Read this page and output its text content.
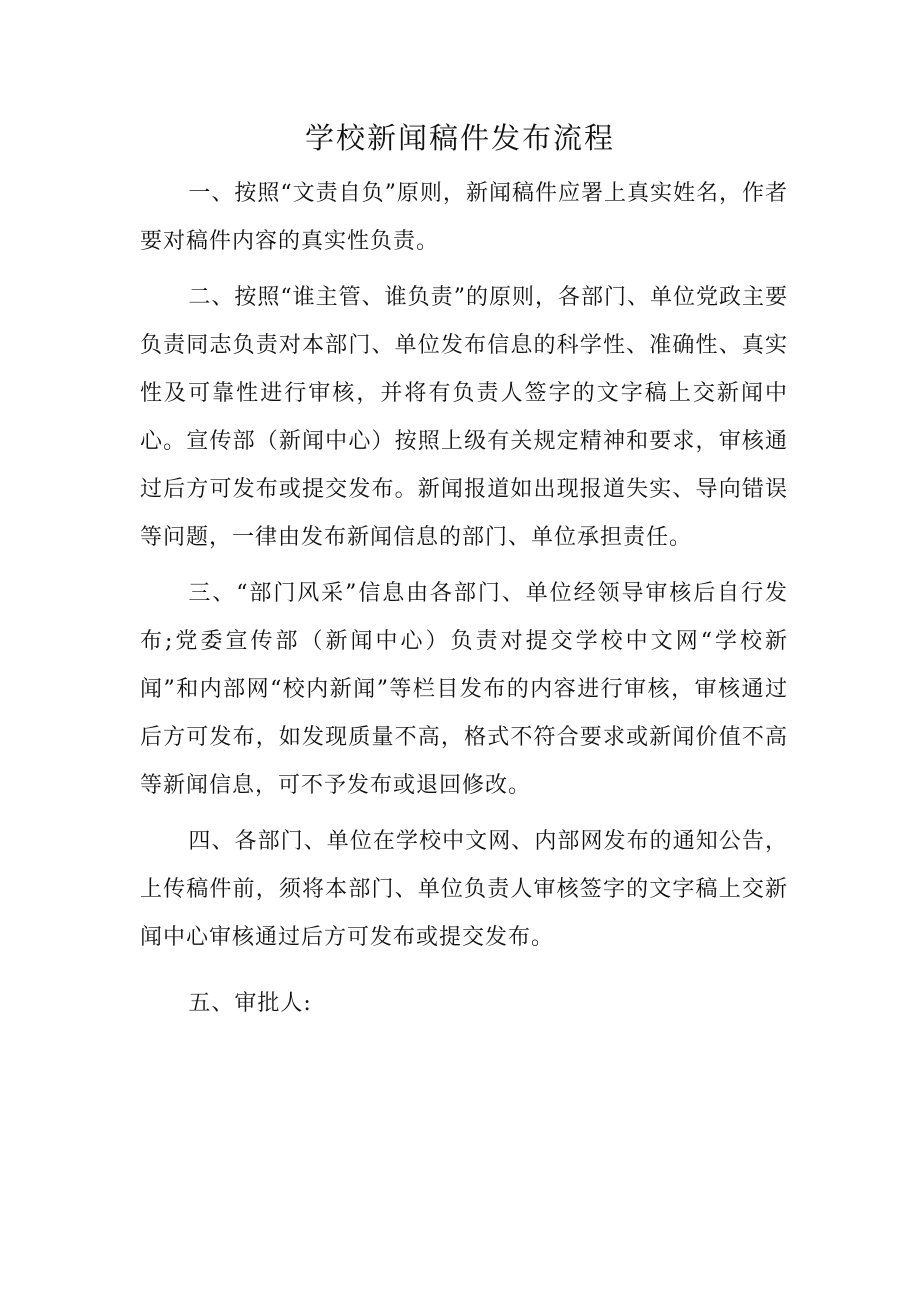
学校新闻稿件发布流程

一、按照“文责自负”原则，新闻稿件应署上真实姓名，作者要对稿件内容的真实性负责。

二、按照“谁主管、谁负责”的原则，各部门、单位党政主要负责同志负责对本部门、单位发布信息的科学性、准确性、真实性及可靠性进行审核，并将有负责人签字的文字稿上交新闻中心。宣传部（新闻中心）按照上级有关规定精神和要求，审核通过后方可发布或提交发布。新闻报道如出现报道失实、导向错误等问题，一律由发布新闻信息的部门、单位承担责任。

三、“部门风采”信息由各部门、单位经领导审核后自行发布;党委宣传部（新闻中心）负责对提交学校中文网“学校新闻”和内部网“校内新闻”等栏目发布的内容进行审核，审核通过后方可发布，如发现质量不高，格式不符合要求或新闻价值不高等新闻信息，可不予发布或退回修改。

四、各部门、单位在学校中文网、内部网发布的通知公告，上传稿件前，须将本部门、单位负责人审核签字的文字稿上交新闻中心审核通过后方可发布或提交发布。

五、审批人:
